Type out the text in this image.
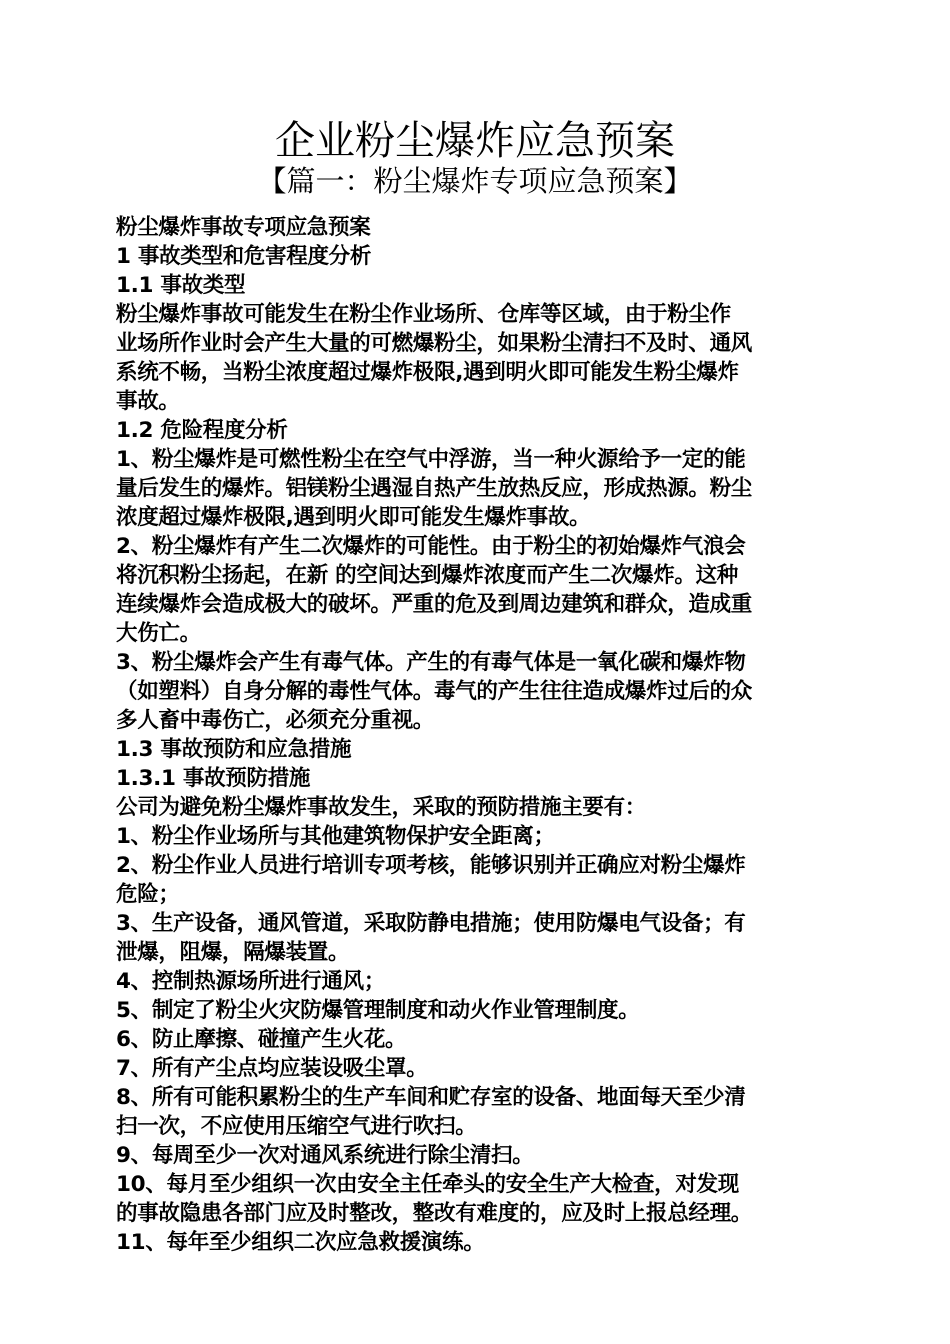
企业粉尘爆炸应急预案
【篇一：粉尘爆炸专项应急预案】
粉尘爆炸事故专项应急预案
1 事故类型和危害程度分析
1.1 事故类型
粉尘爆炸事故可能发生在粉尘作业场所、仓库等区域，由于粉尘作
业场所作业时会产生大量的可燃爆粉尘，如果粉尘清扫不及时、通风
系统不畅，当粉尘浓度超过爆炸极限,遇到明火即可能发生粉尘爆炸
事故。
1.2 危险程度分析
1、粉尘爆炸是可燃性粉尘在空气中浮游，当一种火源给予一定的能
量后发生的爆炸。铝镁粉尘遇湿自热产生放热反应，形成热源。粉尘
浓度超过爆炸极限,遇到明火即可能发生爆炸事故。
2、粉尘爆炸有产生二次爆炸的可能性。由于粉尘的初始爆炸气浪会
将沉积粉尘扬起，在新 的空间达到爆炸浓度而产生二次爆炸。这种
连续爆炸会造成极大的破坏。严重的危及到周边建筑和群众，造成重
大伤亡。
3、粉尘爆炸会产生有毒气体。产生的有毒气体是一氧化碳和爆炸物
（如塑料）自身分解的毒性气体。毒气的产生往往造成爆炸过后的众
多人畜中毒伤亡，必须充分重视。
1.3 事故预防和应急措施
1.3.1 事故预防措施
公司为避免粉尘爆炸事故发生，采取的预防措施主要有：
1、粉尘作业场所与其他建筑物保护安全距离；
2、粉尘作业人员进行培训专项考核，能够识别并正确应对粉尘爆炸
危险；
3、生产设备，通风管道，采取防静电措施；使用防爆电气设备；有
泄爆，阻爆，隔爆装置。
4、控制热源场所进行通风；
5、制定了粉尘火灾防爆管理制度和动火作业管理制度。
6、防止摩擦、碰撞产生火花。
7、所有产尘点均应装设吸尘罩。
8、所有可能积累粉尘的生产车间和贮存室的设备、地面每天至少清
扫一次，不应使用压缩空气进行吹扫。
9、每周至少一次对通风系统进行除尘清扫。
10、每月至少组织一次由安全主任牵头的安全生产大检查，对发现
的事故隐患各部门应及时整改，整改有难度的，应及时上报总经理。
11、每年至少组织二次应急救援演练。
